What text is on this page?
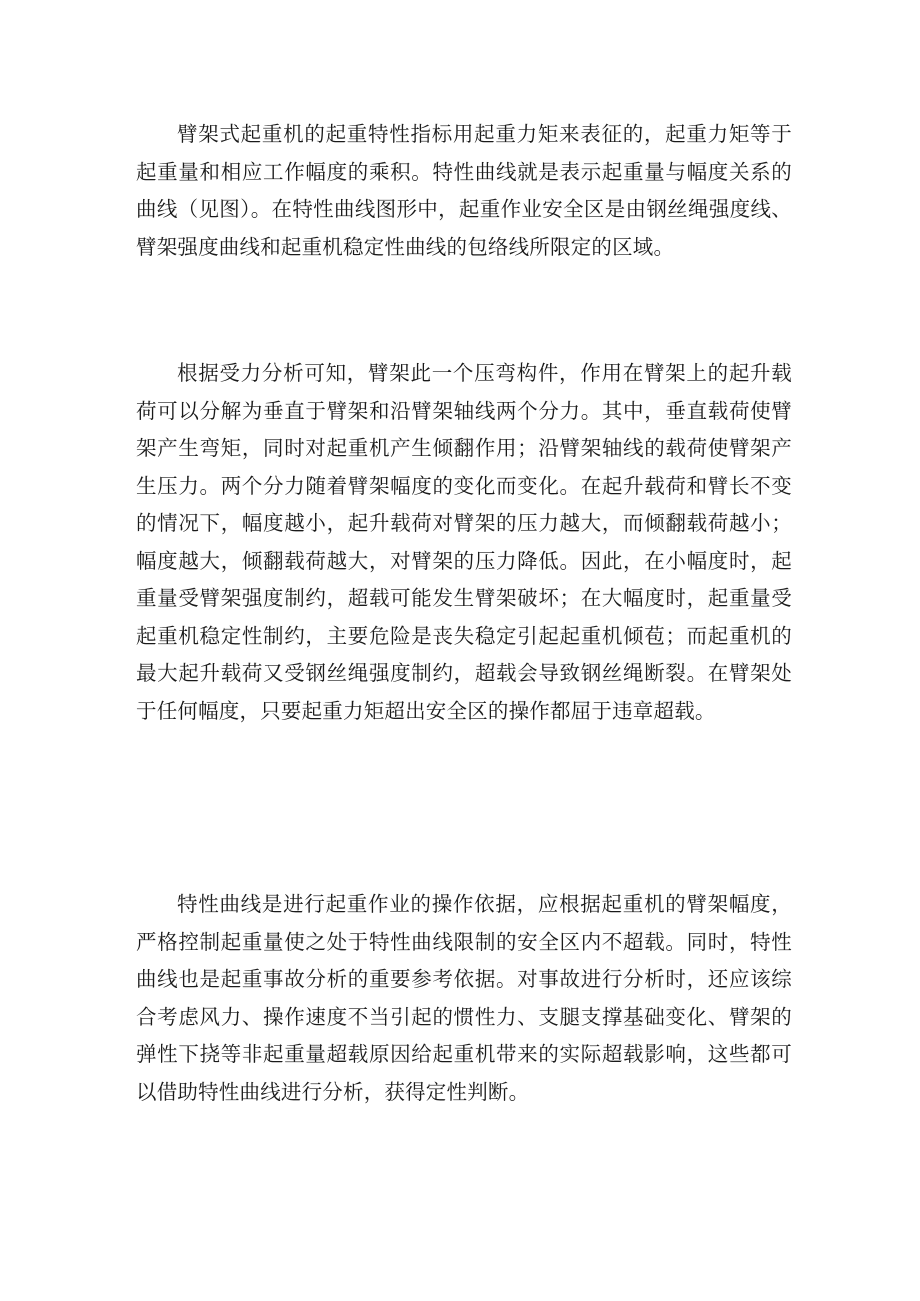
臂架式起重机的起重特性指标用起重力矩来表征的，起重力矩等于起重量和相应工作幅度的乘积。特性曲线就是表示起重量与幅度关系的曲线（见图）。在特性曲线图形中，起重作业安全区是由钢丝绳强度线、臂架强度曲线和起重机稳定性曲线的包络线所限定的区域。

根据受力分析可知，臂架此一个压弯构件，作用在臂架上的起升载荷可以分解为垂直于臂架和沿臂架轴线两个分力。其中，垂直载荷使臂架产生弯矩，同时对起重机产生倾翻作用；沿臂架轴线的载荷使臂架产生压力。两个分力随着臂架幅度的变化而变化。在起升载荷和臂长不变的情况下，幅度越小，起升载荷对臂架的压力越大，而倾翻载荷越小；幅度越大，倾翻载荷越大，对臂架的压力降低。因此，在小幅度时，起重量受臂架强度制约，超载可能发生臂架破坏；在大幅度时，起重量受起重机稳定性制约，主要危险是丧失稳定引起起重机倾苞；而起重机的最大起升载荷又受钢丝绳强度制约，超载会导致钢丝绳断裂。在臂架处于任何幅度，只要起重力矩超出安全区的操作都屈于违章超载。

特性曲线是进行起重作业的操作依据，应根据起重机的臂架幅度，严格控制起重量使之处于特性曲线限制的安全区内不超载。同时，特性曲线也是起重事故分析的重要参考依据。对事故进行分析时，还应该综合考虑风力、操作速度不当引起的惯性力、支腿支撑基础变化、臂架的弹性下挠等非起重量超载原因给起重机带来的实际超载影响，这些都可以借助特性曲线进行分析，获得定性判断。
